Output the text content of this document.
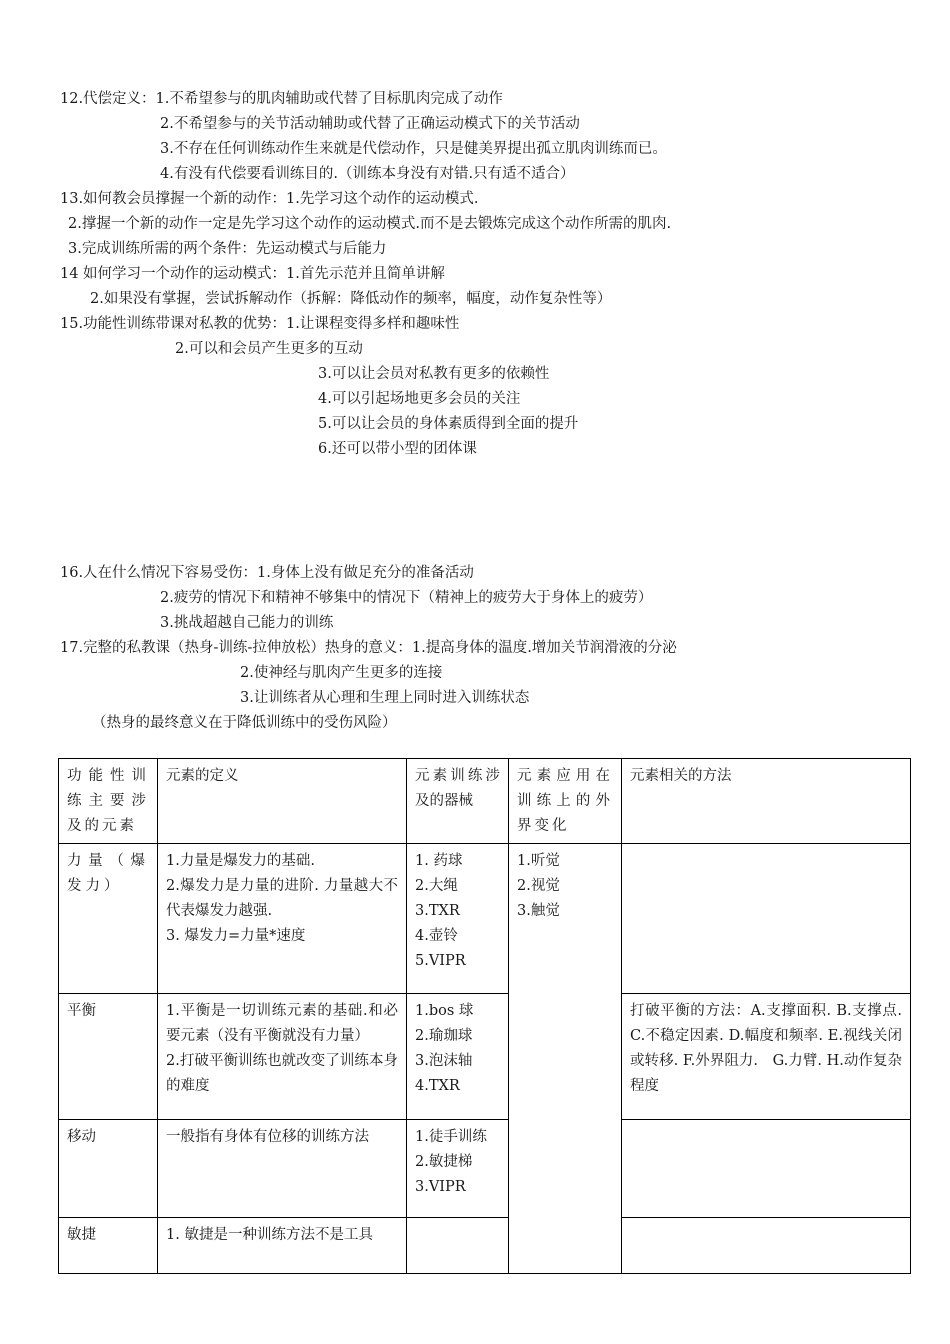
12.代偿定义：1.不希望参与的肌肉辅助或代替了目标肌肉完成了动作
2.不希望参与的关节活动辅助或代替了正确运动模式下的关节活动
3.不存在任何训练动作生来就是代偿动作，只是健美界提出孤立肌肉训练而已。
4.有没有代偿要看训练目的.（训练本身没有对错.只有适不适合）
13.如何教会员撑握一个新的动作：1.先学习这个动作的运动模式.
2.撑握一个新的动作一定是先学习这个动作的运动模式.而不是去锻炼完成这个动作所需的肌肉.
3.完成训练所需的两个条件：先运动模式与后能力
14 如何学习一个动作的运动模式：1.首先示范并且简单讲解
2.如果没有掌握，尝试拆解动作（拆解：降低动作的频率，幅度，动作复杂性等）
15.功能性训练带课对私教的优势：1.让课程变得多样和趣味性
2.可以和会员产生更多的互动
3.可以让会员对私教有更多的依赖性
4.可以引起场地更多会员的关注
5.可以让会员的身体素质得到全面的提升
6.还可以带小型的团体课
16.人在什么情况下容易受伤：1.身体上没有做足充分的准备活动
2.疲劳的情况下和精神不够集中的情况下（精神上的疲劳大于身体上的疲劳）
3.挑战超越自己能力的训练
17.完整的私教课（热身-训练-拉伸放松）热身的意义：1.提高身体的温度.增加关节润滑液的分泌
2.使神经与肌肉产生更多的连接
3.让训练者从心理和生理上同时进入训练状态
（热身的最终意义在于降低训练中的受伤风险）
功能性训练主要涉及的元素	元素的定义	元素训练涉及的器械	元素应用在训练上的外界变化	元素相关的方法

力量（爆发力）	1.力量是爆发力的基础.
2.爆发力是力量的进阶. 力量越大不代表爆发力越强.
3. 爆发力=力量*速度	1. 药球
2.大绳
3.TXR
4.壶铃
5.VIPR	1.听觉
2.视觉
3.触觉	

平衡	1.平衡是一切训练元素的基础.和必要元素（没有平衡就没有力量）
2.打破平衡训练也就改变了训练本身的难度	1.bos 球
2.瑜珈球
3.泡沫轴
4.TXR		打破平衡的方法：A.支撑面积. B.支撑点. C.不稳定因素. D.幅度和频率. E.视线关闭或转移. F.外界阻力.　G.力臂. H.动作复杂程度

移动	一般指有身体有位移的训练方法	1.徒手训练
2.敏捷梯
3.VIPR		

敏捷	1. 敏捷是一种训练方法不是工具			
